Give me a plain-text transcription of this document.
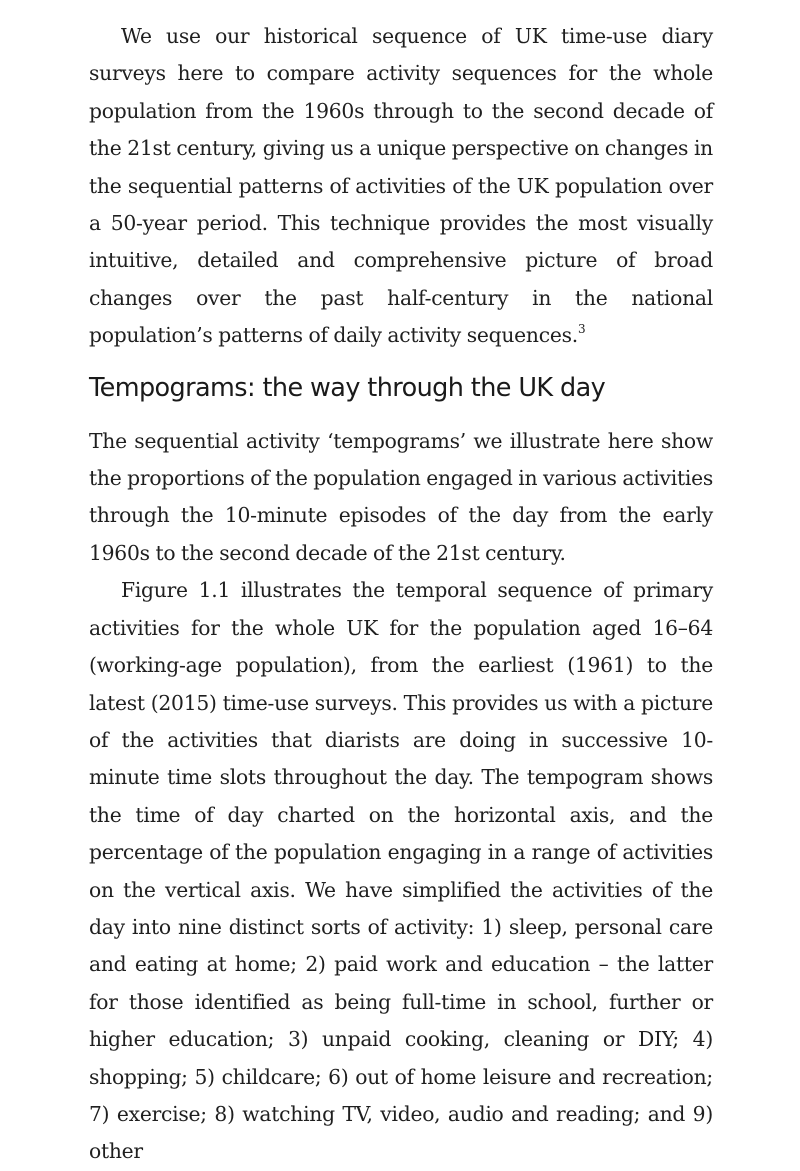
We use our historical sequence of UK time-use diary surveys here to compare activity sequences for the whole population from the 1960s through to the second decade of the 21st century, giving us a unique perspective on changes in the sequential patterns of activities of the UK population over a 50-year period. This technique provides the most visually intuitive, detailed and comprehensive picture of broad changes over the past half-century in the national population’s patterns of daily activity sequences.$^3$

Tempograms: the way through the UK day

The sequential activity ‘tempograms’ we illustrate here show the proportions of the population engaged in various activities through the 10-minute episodes of the day from the early 1960s to the second decade of the 21st century.

Figure 1.1 illustrates the temporal sequence of primary activities for the whole UK for the population aged 16–64 (working-age population), from the earliest (1961) to the latest (2015) time-use surveys. This provides us with a picture of the activities that diarists are doing in successive 10-minute time slots throughout the day. The tempogram shows the time of day charted on the horizontal axis, and the percentage of the population engaging in a range of activities on the vertical axis. We have simplified the activities of the day into nine distinct sorts of activity: 1) sleep, personal care and eating at home; 2) paid work and education – the latter for those identified as being full-time in school, further or higher education; 3) unpaid cooking, cleaning or DIY; 4) shopping; 5) childcare; 6) out of home leisure and recreation; 7) exercise; 8) watching TV, video, audio and reading; and 9) other
